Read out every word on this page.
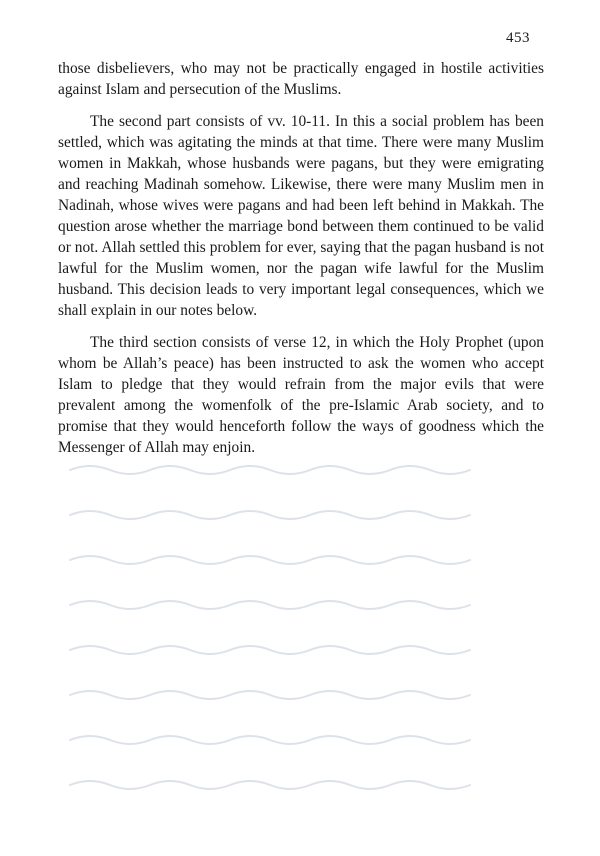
453

those disbelievers, who may not be practically engaged in hostile activities against Islam and persecution of the Muslims.

The second part consists of vv. 10-11. In this a social problem has been settled, which was agitating the minds at that time. There were many Muslim women in Makkah, whose husbands were pagans, but they were emigrating and reaching Madinah somehow. Likewise, there were many Muslim men in Nadinah, whose wives were pagans and had been left behind in Makkah. The question arose whether the marriage bond between them continued to be valid or not. Allah settled this problem for ever, saying that the pagan husband is not lawful for the Muslim women, nor the pagan wife lawful for the Muslim husband. This decision leads to very important legal consequences, which we shall explain in our notes below.

The third section consists of verse 12, in which the Holy Prophet (upon whom be Allah’s peace) has been instructed to ask the women who accept Islam to pledge that they would refrain from the major evils that were prevalent among the womenfolk of the pre-Islamic Arab society, and to promise that they would henceforth follow the ways of goodness which the Messenger of Allah may enjoin.
